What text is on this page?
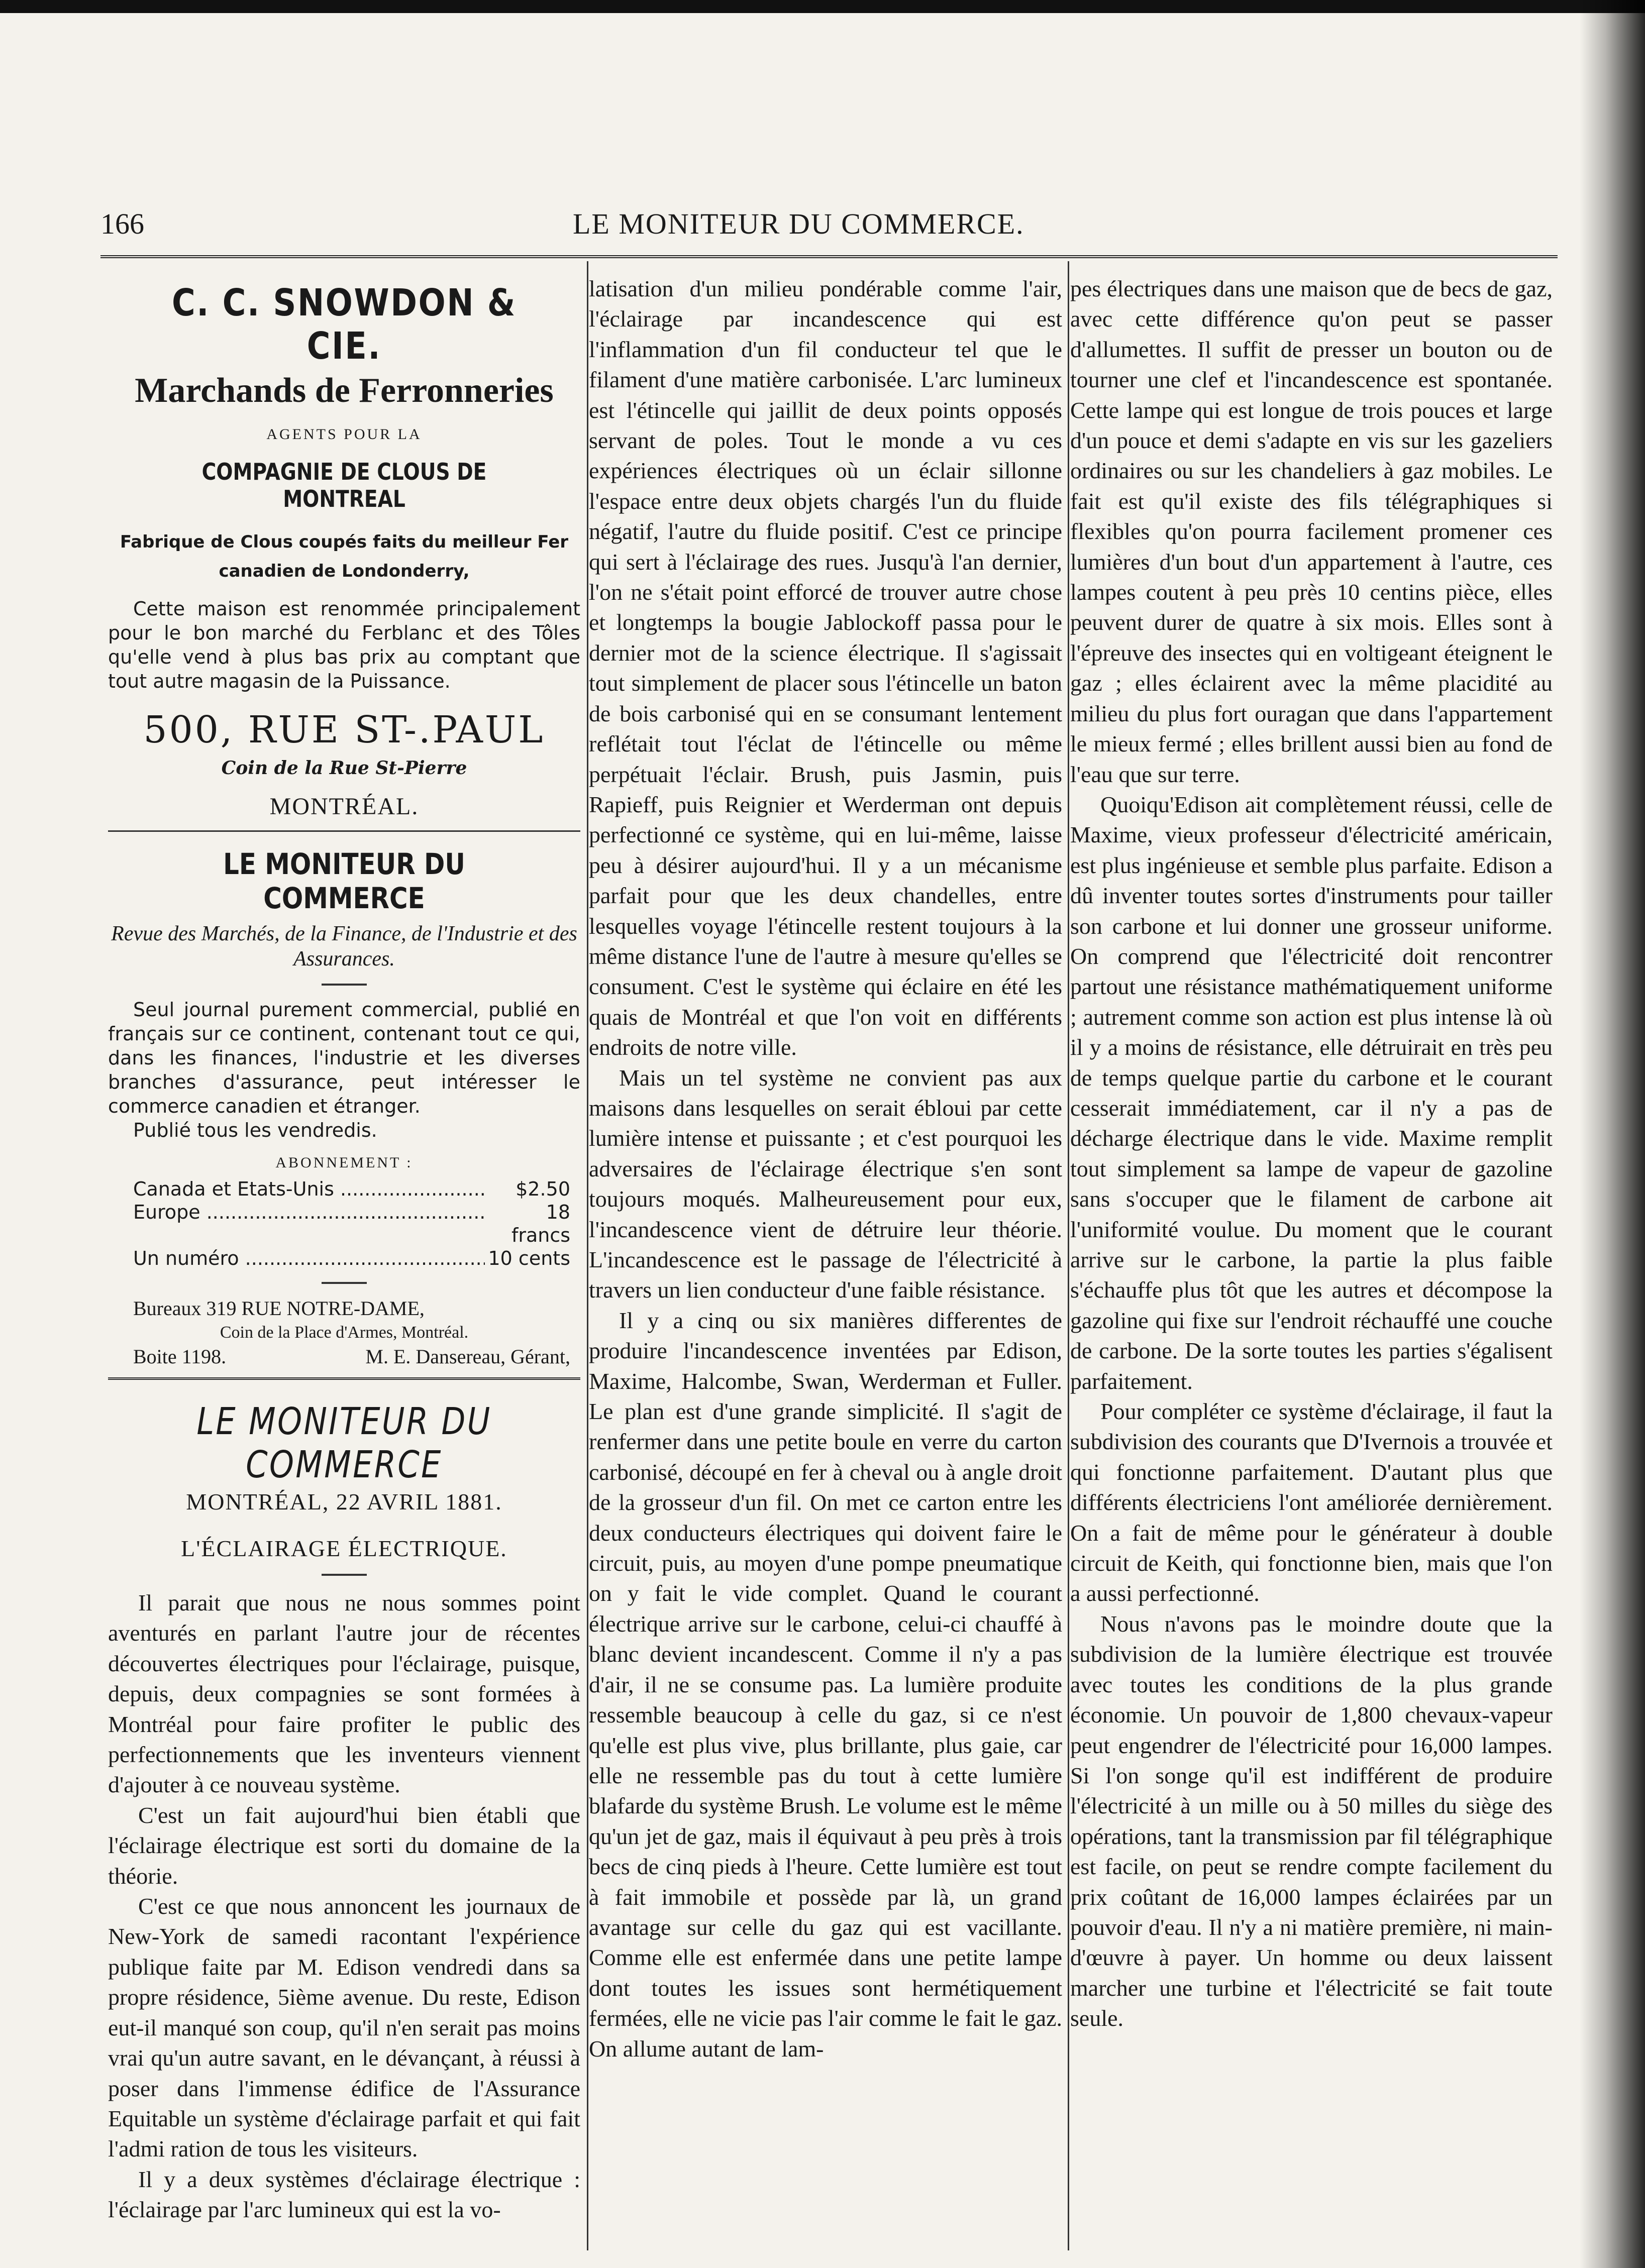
166	LE MONITEUR DU COMMERCE.
C. C. SNOWDON & CIE.
Marchands de Ferronneries
AGENTS POUR LA
COMPAGNIE DE CLOUS DE MONTREAL
Fabrique de Clous coupés faits du meilleur Fer canadien de Londonderry,
Cette maison est renommée principalement pour le bon marché du Ferblanc et des Tôles qu'elle vend à plus bas prix au comptant que tout autre magasin de la Puissance.
500, RUE ST-.PAUL
Coin de la Rue St-Pierre
MONTRÉAL.
LE MONITEUR DU COMMERCE
Revue des Marchés, de la Finance, de l'Industrie et des Assurances.
Seul journal purement commercial, publié en français sur ce continent, contenant tout ce qui, dans les finances, l'industrie et les diverses branches d'assurance, peut intéresser le commerce canadien et étranger.
Publié tous les vendredis.
ABONNEMENT :
Canada et Etats-Unis .....	$2.50
Europe .....	18 francs
Un numéro .....	10 cents
Bureaux 319 RUE NOTRE-DAME,
Coin de la Place d'Armes, Montréal.
Boite 1198.	M. E. Dansereau, Gérant,
LE MONITEUR DU COMMERCE
MONTRÉAL, 22 AVRIL 1881.
L'ÉCLAIRAGE ÉLECTRIQUE.

Il parait que nous ne nous sommes point aventurés en parlant l'autre jour de récentes découvertes électriques pour l'éclairage, puisque, depuis, deux compagnies se sont formées à Montréal pour faire profiter le public des perfectionnements que les inventeurs viennent d'ajouter à ce nouveau système.

C'est un fait aujourd'hui bien établi que l'éclairage électrique est sorti du domaine de la théorie.

C'est ce que nous annoncent les journaux de New-York de samedi racontant l'expérience publique faite par M. Edison vendredi dans sa propre résidence, 5ième avenue. Du reste, Edison eut-il manqué son coup, qu'il n'en serait pas moins vrai qu'un autre savant, en le dévançant, à réussi à poser dans l'immense édifice de l'Assurance Equitable un système d'éclairage parfait et qui fait l'admi ration de tous les visiteurs.

Il y a deux systèmes d'éclairage électrique : l'éclairage par l'arc lumineux qui est la vo-

latisation d'un milieu pondérable comme l'air, l'éclairage par incandescence qui est l'inflammation d'un fil conducteur tel que le filament d'une matière carbonisée. L'arc lumineux est l'étincelle qui jaillit de deux points opposés servant de poles. Tout le monde a vu ces expériences électriques où un éclair sillonne l'espace entre deux objets chargés l'un du fluide négatif, l'autre du fluide positif. C'est ce principe qui sert à l'éclairage des rues. Jusqu'à l'an dernier, l'on ne s'était point efforcé de trouver autre chose et longtemps la bougie Jablockoff passa pour le dernier mot de la science électrique. Il s'agissait tout simplement de placer sous l'étincelle un baton de bois carbonisé qui en se consumant lentement reflétait tout l'éclat de l'étincelle ou même perpétuait l'éclair. Brush, puis Jasmin, puis Rapieff, puis Reignier et Werderman ont depuis perfectionné ce système, qui en lui-même, laisse peu à désirer aujourd'hui. Il y a un mécanisme parfait pour que les deux chandelles, entre lesquelles voyage l'étincelle restent toujours à la même distance l'une de l'autre à mesure qu'elles se consument. C'est le système qui éclaire en été les quais de Montréal et que l'on voit en différents endroits de notre ville.

Mais un tel système ne convient pas aux maisons dans lesquelles on serait ébloui par cette lumière intense et puissante ; et c'est pourquoi les adversaires de l'éclairage électrique s'en sont toujours moqués. Malheureusement pour eux, l'incandescence vient de détruire leur théorie. L'incandescence est le passage de l'électricité à travers un lien conducteur d'une faible résistance.

Il y a cinq ou six manières differentes de produire l'incandescence inventées par Edison, Maxime, Halcombe, Swan, Werderman et Fuller. Le plan est d'une grande simplicité. Il s'agit de renfermer dans une petite boule en verre du carton carbonisé, découpé en fer à cheval ou à angle droit de la grosseur d'un fil. On met ce carton entre les deux conducteurs électriques qui doivent faire le circuit, puis, au moyen d'une pompe pneumatique on y fait le vide complet. Quand le courant électrique arrive sur le carbone, celui-ci chauffé à blanc devient incandescent. Comme il n'y a pas d'air, il ne se consume pas. La lumière produite ressemble beaucoup à celle du gaz, si ce n'est qu'elle est plus vive, plus brillante, plus gaie, car elle ne ressemble pas du tout à cette lumière blafarde du système Brush. Le volume est le même qu'un jet de gaz, mais il équivaut à peu près à trois becs de cinq pieds à l'heure. Cette lumière est tout à fait immobile et possède par là, un grand avantage sur celle du gaz qui est vacillante. Comme elle est enfermée dans une petite lampe dont toutes les issues sont hermétiquement fermées, elle ne vicie pas l'air comme le fait le gaz. On allume autant de lam-

pes électriques dans une maison que de becs de gaz, avec cette différence qu'on peut se passer d'allumettes. Il suffit de presser un bouton ou de tourner une clef et l'incandescence est spontanée. Cette lampe qui est longue de trois pouces et large d'un pouce et demi s'adapte en vis sur les gazeliers ordinaires ou sur les chandeliers à gaz mobiles. Le fait est qu'il existe des fils télégraphiques si flexibles qu'on pourra facilement promener ces lumières d'un bout d'un appartement à l'autre, ces lampes coutent à peu près 10 centins pièce, elles peuvent durer de quatre à six mois. Elles sont à l'épreuve des insectes qui en voltigeant éteignent le gaz ; elles éclairent avec la même placidité au milieu du plus fort ouragan que dans l'appartement le mieux fermé ; elles brillent aussi bien au fond de l'eau que sur terre.

Quoiqu'Edison ait complètement réussi, celle de Maxime, vieux professeur d'électricité américain, est plus ingénieuse et semble plus parfaite. Edison a dû inventer toutes sortes d'instruments pour tailler son carbone et lui donner une grosseur uniforme. On comprend que l'électricité doit rencontrer partout une résistance mathématiquement uniforme ; autrement comme son action est plus intense là où il y a moins de résistance, elle détruirait en très peu de temps quelque partie du carbone et le courant cesserait immédiatement, car il n'y a pas de décharge électrique dans le vide. Maxime remplit tout simplement sa lampe de vapeur de gazoline sans s'occuper que le filament de carbone ait l'uniformité voulue. Du moment que le courant arrive sur le carbone, la partie la plus faible s'échauffe plus tôt que les autres et décompose la gazoline qui fixe sur l'endroit réchauffé une couche de carbone. De la sorte toutes les parties s'égalisent parfaitement.

Pour compléter ce système d'éclairage, il faut la subdivision des courants que D'Ivernois a trouvée et qui fonctionne parfaitement. D'autant plus que différents électriciens l'ont améliorée dernièrement. On a fait de même pour le générateur à double circuit de Keith, qui fonctionne bien, mais que l'on a aussi perfectionné.

Nous n'avons pas le moindre doute que la subdivision de la lumière électrique est trouvée avec toutes les conditions de la plus grande économie. Un pouvoir de 1,800 chevaux-vapeur peut engendrer de l'électricité pour 16,000 lampes. Si l'on songe qu'il est indifférent de produire l'électricité à un mille ou à 50 milles du siège des opérations, tant la transmission par fil télégraphique est facile, on peut se rendre compte facilement du prix coûtant de 16,000 lampes éclairées par un pouvoir d'eau. Il n'y a ni matière première, ni main-d'œuvre à payer. Un homme ou deux laissent marcher une turbine et l'électricité se fait toute seule.
